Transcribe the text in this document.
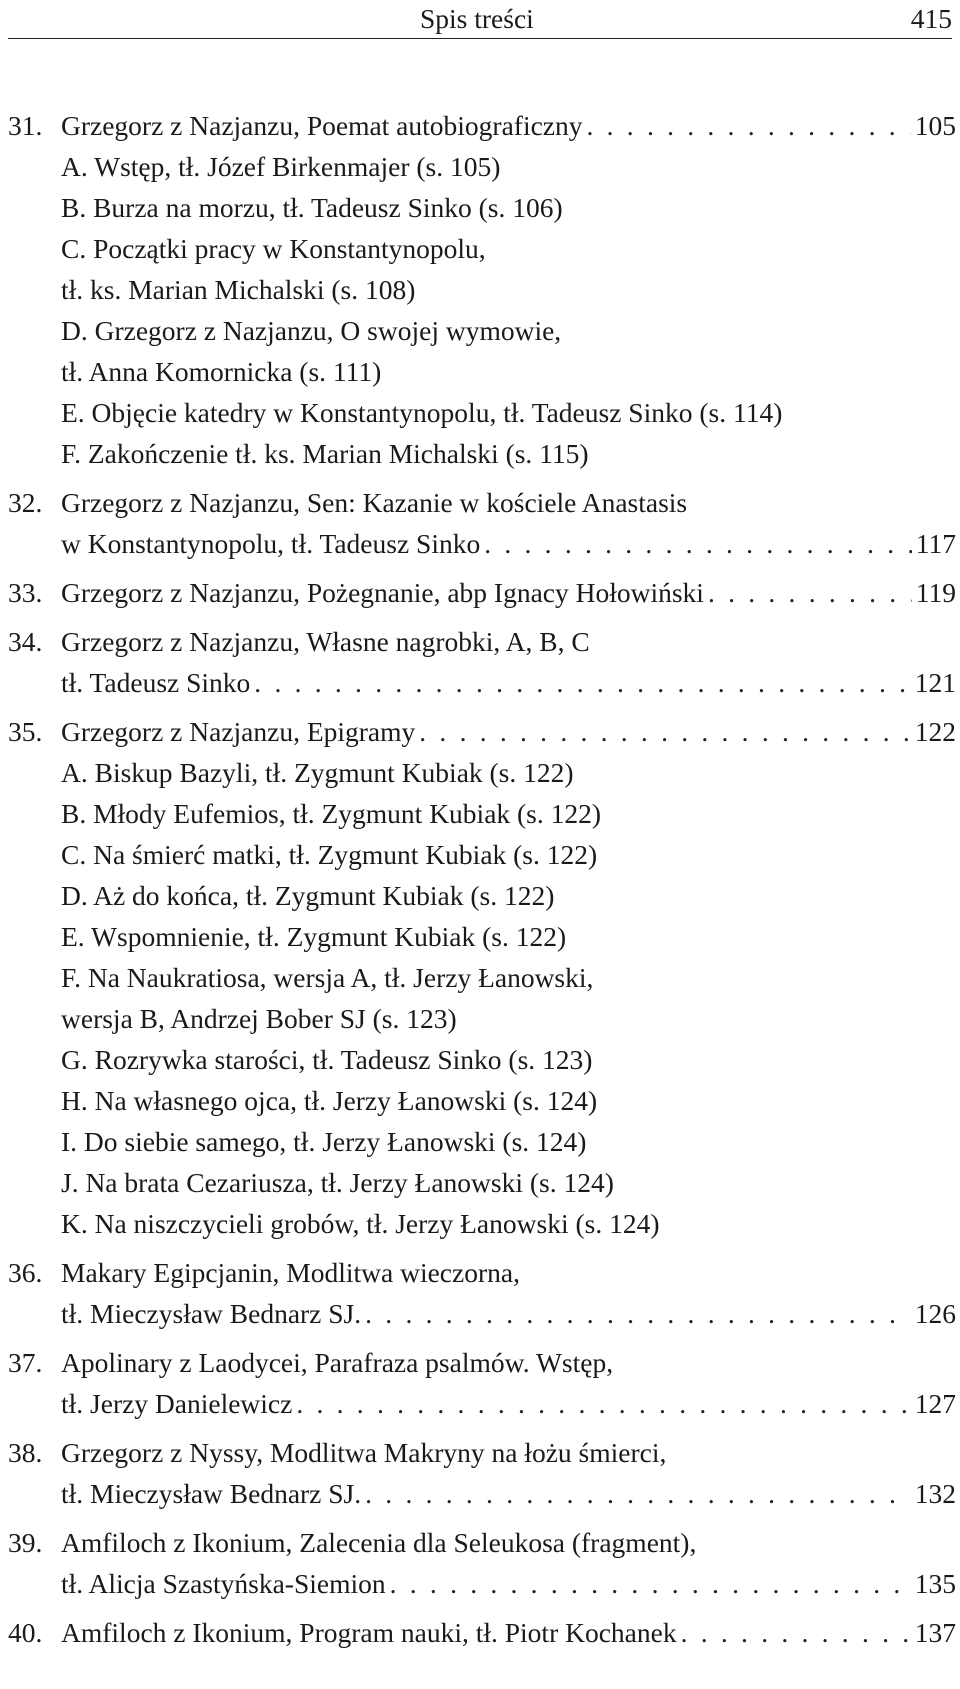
Spis treści	415
31. Grzegorz z Nazjanzu, Poemat autobiograficzny . . .	105
A. Wstęp, tł. Józef Birkenmajer (s. 105)
B. Burza na morzu, tł. Tadeusz Sinko (s. 106)
C. Początki pracy w Konstantynopolu,
tł. ks. Marian Michalski (s. 108)
D. Grzegorz z Nazjanzu, O swojej wymowie,
tł. Anna Komornicka (s. 111)
E. Objęcie katedry w Konstantynopolu, tł. Tadeusz Sinko (s. 114)
F. Zakończenie tł. ks. Marian Michalski (s. 115)
32. Grzegorz z Nazjanzu, Sen: Kazanie w kościele Anastasis
w Konstantynopolu, tł. Tadeusz Sinko . . .	117
33. Grzegorz z Nazjanzu, Pożegnanie, abp Ignacy Hołowiński . . .	119
34. Grzegorz z Nazjanzu, Własne nagrobki, A, B, C
tł. Tadeusz Sinko . . .	121
35. Grzegorz z Nazjanzu, Epigramy . . .	122
A. Biskup Bazyli, tł. Zygmunt Kubiak (s. 122)
B. Młody Eufemios, tł. Zygmunt Kubiak (s. 122)
C. Na śmierć matki, tł. Zygmunt Kubiak (s. 122)
D. Aż do końca, tł. Zygmunt Kubiak (s. 122)
E. Wspomnienie, tł. Zygmunt Kubiak (s. 122)
F. Na Naukratiosa, wersja A, tł. Jerzy Łanowski,
wersja B, Andrzej Bober SJ (s. 123)
G. Rozrywka starości, tł. Tadeusz Sinko (s. 123)
H. Na własnego ojca, tł. Jerzy Łanowski (s. 124)
I. Do siebie samego, tł. Jerzy Łanowski (s. 124)
J. Na brata Cezariusza, tł. Jerzy Łanowski (s. 124)
K. Na niszczycieli grobów, tł. Jerzy Łanowski (s. 124)
36. Makary Egipcjanin, Modlitwa wieczorna,
tł. Mieczysław Bednarz SJ. . . .	126
37. Apolinary z Laodycei, Parafraza psalmów. Wstęp,
tł. Jerzy Danielewicz . . .	127
38. Grzegorz z Nyssy, Modlitwa Makryny na łożu śmierci,
tł. Mieczysław Bednarz SJ. . . .	132
39. Amfiloch z Ikonium, Zalecenia dla Seleukosa (fragment),
tł. Alicja Szastyńska-Siemion . . .	135
40. Amfiloch z Ikonium, Program nauki, tł. Piotr Kochanek . . .	137
